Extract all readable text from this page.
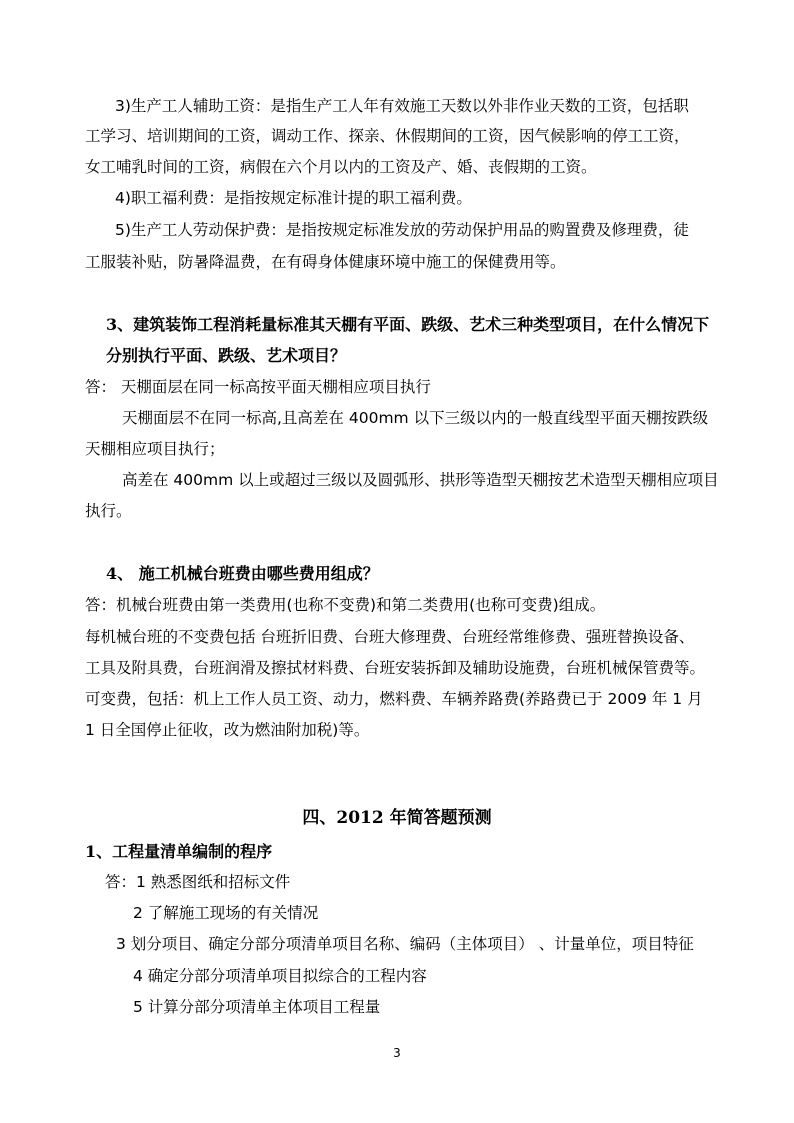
3)生产工人辅助工资：是指生产工人年有效施工天数以外非作业天数的工资，包括职
工学习、培训期间的工资，调动工作、探亲、休假期间的工资，因气候影响的停工工资，
女工哺乳时间的工资，病假在六个月以内的工资及产、婚、丧假期的工资。
4)职工福利费：是指按规定标准计提的职工福利费。
5)生产工人劳动保护费：是指按规定标准发放的劳动保护用品的购置费及修理费，徒
工服装补贴，防暑降温费，在有碍身体健康环境中施工的保健费用等。
3、建筑装饰工程消耗量标准其天棚有平面、跌级、艺术三种类型项目，在什么情况下
分别执行平面、跌级、艺术项目？
答： 天棚面层在同一标高按平面天棚相应项目执行
天棚面层不在同一标高,且高差在 400mm 以下三级以内的一般直线型平面天棚按跌级
天棚相应项目执行；
高差在 400mm 以上或超过三级以及圆弧形、拱形等造型天棚按艺术造型天棚相应项目
执行。
4、 施工机械台班费由哪些费用组成？
答：机械台班费由第一类费用(也称不变费)和第二类费用(也称可变费)组成。
每机械台班的不变费包括 台班折旧费、台班大修理费、台班经常维修费、强班替换设备、
工具及附具费，台班润滑及擦拭材料费、台班安装拆卸及辅助设施费，台班机械保管费等。
可变费，包括：机上工作人员工资、动力，燃料费、车辆养路费(养路费已于 2009 年 1 月
1 日全国停止征收，改为燃油附加税)等。
四、2012 年简答题预测
1、工程量清单编制的程序
答：1 熟悉图纸和招标文件
2 了解施工现场的有关情况
3 划分项目、确定分部分项清单项目名称、编码（主体项目） 、计量单位，项目特征
4 确定分部分项清单项目拟综合的工程内容
5 计算分部分项清单主体项目工程量
3
